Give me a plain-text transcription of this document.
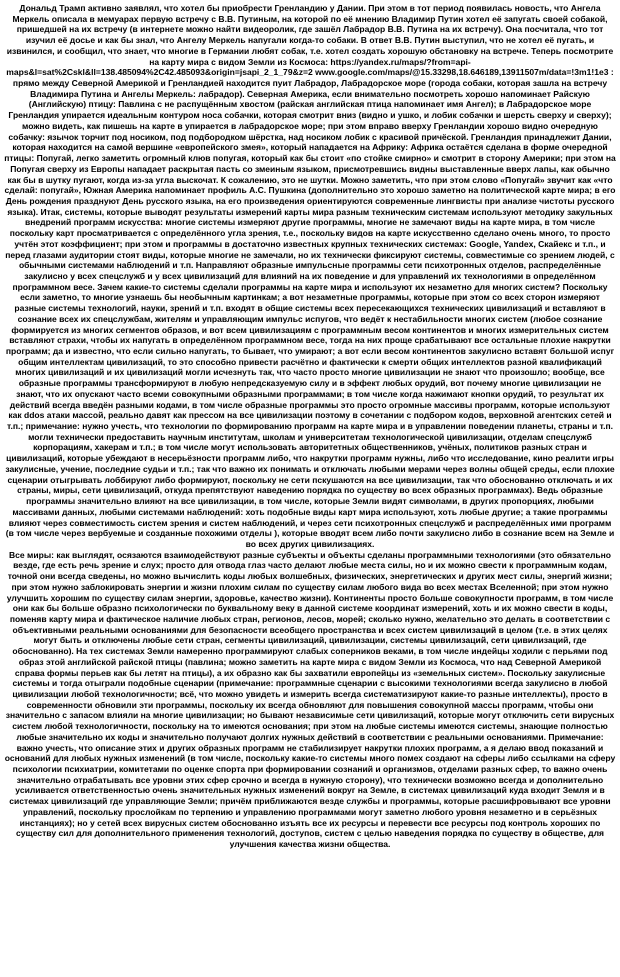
Дональд Трамп активно заявлял, что хотел бы приобрести Гренландию у Дании. При этом в тот период появилась новость, что Ангела Меркель описала в мемуарах первую встречу с В.В. Путиным, на которой по её мнению Владимир Путин хотел её запугать своей собакой, пришедшей на их встречу (в интернете можно найти видеоролик, где зашёл Лабрадор В.В. Путина на их встречу). Она посчитала, что тот изучил её досье и как бы знал, что Ангелу Меркель напугали когда-то собаки. В ответ В.В. Путин выступил, что не хотел её пугать, и извинился, и сообщил, что знает, что многие в Германии любят собак, т.е. хотел создать хорошую обстановку на встрече. Теперь посмотрите на карту мира с видом Земли из Космоса: https://yandex.ru/maps/?from=api-maps&l=sat%2Cskl&ll=138.485094%2C42.485093&origin=jsapi_2_1_79&z=2 www.google.com/maps/@15.33298,18.646189,13911507m/data=!3m1!1e3 : прямо между Северной Америкой и Гренландией находится пуит Лабрадор, Лабрадорское море (города собаки, которая зашла на встречу Владимира Путина и Ангелы Меркель: лабрадор). Северная Америка, если внимательно посмотреть хорошо напоминает Райскую (Английскую) птицу: Павлина с не распущённым хвостом (райская английская птица напоминает имя Ангел); в Лабрадорское море Гренландия упирается идеальным контуром носа собачки, которая смотрит вниз (видно и ушко, и лобик собачки и шерсть сверху и сверху); можно видеть, как пишешь на карте в упирается в лабрадорское море; при этом вправо вверху Гренландии хорошо видно очередную собачку: язычок торчит под носиком, под подбородком шёрстка, над носиком лобик с красивой причёской. Гренландия принадлежит Дании, которая находится на самой вершине «европейского змея», который нападается на Африку: Африка остаётся сделана в форме очередной птицы: Попугай, легко заметить огромный клюв попугая, который как бы стоит «по стойке смирно» и смотрит в сторону Америки; при этом на Попугая сверху из Европы нападает раскрытая пасть со змеиным языком, присмотревшись видны выставленные вверх лапы, как обычно как бы в шутку пугают, когда из-за угла выскочат. К сожалению, это не шутки. Можно заметить, что при этом слово «Попугай» звучит как «что сделай: попугай», Южная Америка напоминает профиль А.С. Пушкина (дополнительно это хорошо заметно на политической карте мира; в его День рождения празднуют День русского языка, на его произведения ориентируются современные лингвисты при анализе чистоты русского языка). Итак, системы, которые выводят результаты измерений карты мира разным техническим системам используют методику закульных внедрений программ искусства: многие системы измеряют другие программы, многие не замечают виды на карте мира, в том числе поскольку карт просматривается с определённого угла зрения, т.е., поскольку видов на карте искусственно сделано очень много, то просто учтён этот коэффициент; при этом и программы в достаточно известных крупных технических системах: Google, Yandex, Скайекс и т.п., и перед глазами аудитории стоят виды, которые многие не замечали, но их технически фиксируют системы, совместимые со зрением людей, с обычными системами наблюдений и т.п. Направляют образные импульсные программы сети психотронных отделов, распределённые закулисно у всех спецслужб и у всех цивилизаций для влияний на их поведение и для управлений их технологиями в определённом программном весе. Зачем какие-то системы сделали программы на карте мира и используют их незаметно для многих систем? Поскольку если заметно, то многие узнаешь бы необычным картинкам; а вот незаметные программы, которые при этом со всех сторон измеряют разные системы технологий, науки, зрений и т.п. входят в общие системы всех пересекающихся технических цивилизаций и вставляют в сознание всех их спецслужбам, жителям и управляющим импульс испугов, что ведёт к нестабильности многих систем (любое сознание формируется из многих сегментов образов, и вот всем цивилизациям с программным весом континентов и многих измерительных систем вставляют страхи, чтобы их напугать в определённом программном весе, тогда на них проще срабатывают все остальные плохие накрутки программ; да и известно, что если сильно напугать, то бывает, что умирают; а вот если весом континентов закулисно вставят большой испуг общим интеллектам цивилизаций, то это способно привести расчётно и фактически к смерти общих интеллектов разной квалификаций многих цивилизаций и их цивилизаций могли исчезнуть так, что часто просто многие цивилизации не знают что произошло; вообще, все образные программы трансформируют в любую непредсказуемую силу и в эффект любых орудий, вот почему многие цивилизации не знают, что их опускают часто всеми совокупными образными программами; в том числе когда нажимают кнопки орудий, то результат их действий всегда введён разными кодами, в том числе образные программы это просто огромные массивы программ, которые используют как ddos атаки массой, реально давят как прессом на все цивилизации поэтому в сочетании с подбором кодов, верховной агентских сетей и т.п.; примечание: нужно учесть, что технологии по формированию программ на карте мира и в управлении поведении планеты, страны и т.п. могли технически предоставить научным институтам, школам и университетам технологической цивилизации, отделам спецслужб корпорациям, хакерам и т.п.; в том числе могут использовать авторитетных общественников, учёных, политиков разных стран и цивилизаций, которые убеждают в несерьёзности программ либо, что накрутки программ нужны, либо что исследование, кино реалити игры закулисные, учение, последние судьи и т.п.; так что важно их понимать и отключать любыми мерами через волны общей среды, если плохие сценарии отыгрывать лоббируют либо формируют, поскольку не сети пскушаются на все цивилизации, так что обоснованно отключать и их страны, миры, сети цивилизаций, откуда препятствуют наведению порядка по существу во всех образных программах). Ведь образные программы значительно влияют на все цивилизации, в том числе, которые Земли видят символами, в других пропорциях, любыми массивами данных, любыми системами наблюдений: хоть подобные виды карт мира используют, хоть любые другие; а такие программы влияют через совместимость систем зрения и систем наблюдений, и через сети психотронных спецслужб и распределённых ими программ (в том числе через вербуемые и созданные похожими отделы ), которые вводят всем либо почти закулисно либо в сознание всем на Земле и во всех других цивилизациях.

Все миры: как выглядят, осязаются взаимодействуют разные субъекты и объекты сделаны программными технологиями (это обязательно везде, где есть речь зрение и слух; просто для отвода глаз часто делают любые места силы, но и их можно свести к программным кодам, точной они всегда сведены, но можно вычислить коды любых волшебных, физических, энергетических и других мест силы, энергий жизни; при этом нужно заблокировать энергии и жизни плохим силам по существу силам любого вида во всех местах Вселенной; при этом нужно улучшить хорошим по существу силам энергии, здоровье, качество жизни). Континенты просто больше совокупности программ, в том числе они как бы больше образно психологически по буквальному веку в данной системе координат измерений, хоть и их можно свести в коды, поменяв карту мира и фактическое наличие любых стран, регионов, лесов, морей; сколько нужно, желательно это делать в соответствии с объективными реальными основаниями для безопасности всеобщего пространства и всех систем цивилизаций в целом (т.е. в этих целях могут быть и отключены любые сети стран, сегменты цивилизаций, цивилизации, системы цивилизаций, сети цивилизаций, где обоснованно). На тех системах Земли намеренно программируют слабых соперников веками, в том числе индейцы ходили с перьями под образ этой английской райской птицы (павлина; можно заметить на карте мира с видом Земли из Космоса, что над Северной Америкой справа формы перьев как бы летят на птицы), а их образно как бы захватили европейцы из «земельных систем». Поскольку закулисные системы и тогда отыграли подобные сценарии (примечание: программные сценарии с высокими технологиями всегда закулисно в любой цивилизации любой технологичности; всё, что можно увидеть и измерить всегда систематизируют какие-то разные интеллекты), просто в современности обновили эти программы, поскольку их всегда обновляют для повышения совокупной массы программ, чтобы они значительно с запасом влияли на многие цивилизации; но бывают независимые сети цивилизаций, которые могут отключить сети вирусных систем любой технологичности, поскольку на то имеются основания; при этом на любые системы имеются системы, знающие полностью любые значительно их коды и значительно получают долгих нужных действий в соответствии с реальными основаниями. Примечание: важно учесть, что описание этих и других образных программ не стабилизирует накрутки плохих программ, а я делаю ввод показаний и оснований для любых нужных изменений (в том числе, поскольку какие-то системы много помех создают на сферы либо ссылками на сферу психологии психиатрии, комитетами по оценке спорта при формировании сознаний и организмов, отделами разных сфер, то важно очень значительно отрабатывать все уровни этих сфер срочно и всегда в нужную сторону), что технически возможно всегда и дополнительно усиливается ответственностью очень значительных нужных изменений вокруг на Земле, в системах цивилизаций куда входит Земля и в системах цивилизаций где управляющие Земли; причём приближаются везде службы и программы, которые расшифровывают все уровни управлений, поскольку прослойкам по терпению и управлению программами могут заметно любого уровня незаметно и в серьёзных инстанциях); но у сетей всех вирусных систем обоснованно изъять все их ресурсы и перевести все ресурсы под контроль хороших по существу сил для дополнительного применения технологий, доступов, систем с целью наведения порядка по существу в обществе, для улучшения качества жизни общества.
